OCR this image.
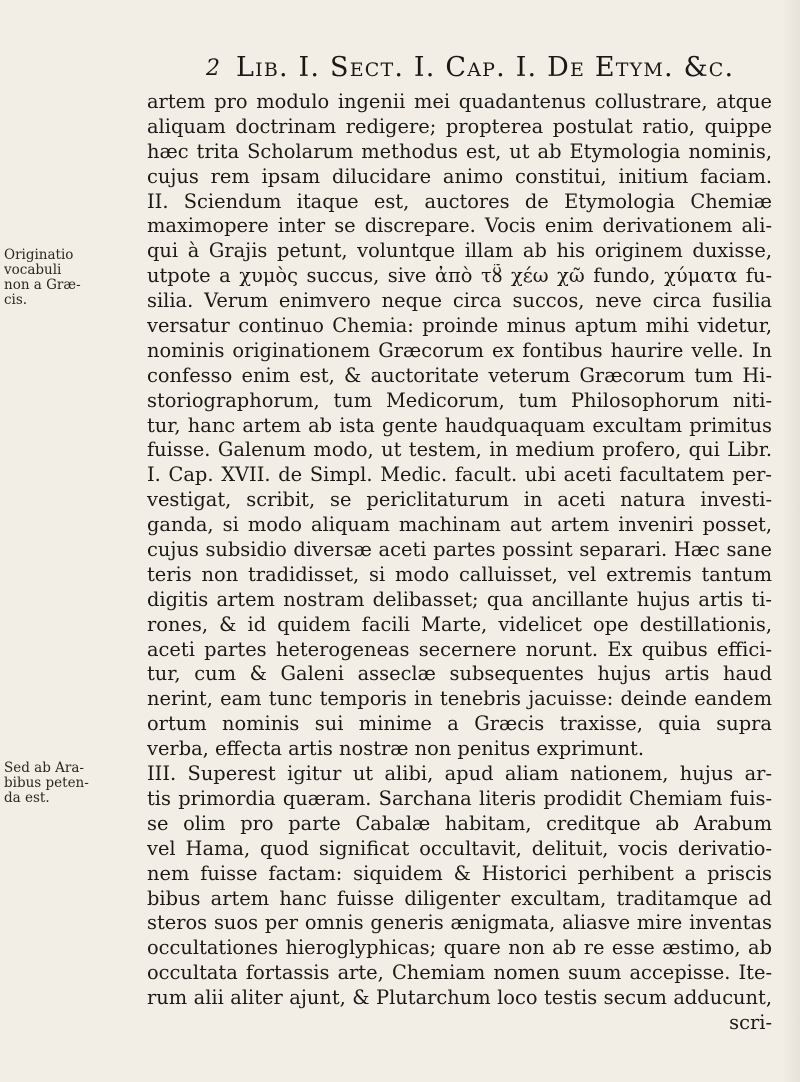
2 Lib. I. Sect. I. Cap. I. De Etym. &c.
Originatio
vocabuli
non a Græ-
cis.
Sed ab Ara-
bibus peten-
da est.
artem pro modulo ingenii mei quadantenus collustrare, atque
aliquam doctrinam redigere; propterea postulat ratio, quippe
hæc trita Scholarum methodus est, ut ab Etymologia nominis,
cujus rem ipsam dilucidare animo constitui, initium faciam.
II. Sciendum itaque est, auctores de Etymologia Chemiæ
maximopere inter se discrepare. Vocis enim derivationem ali-
qui à Grajis petunt, voluntque illam ab his originem duxisse,
utpote a χυμὸς succus, sive ἀπὸ τȣ̃ χέω χῶ fundo, χύματα fu-
silia. Verum enimvero neque circa succos, neve circa fusilia
versatur continuo Chemia: proinde minus aptum mihi videtur,
nominis originationem Græcorum ex fontibus haurire velle. In
confesso enim est, & auctoritate veterum Græcorum tum Hi-
storiographorum, tum Medicorum, tum Philosophorum niti-
tur, hanc artem ab ista gente haudquaquam excultam primitus
fuisse. Galenum modo, ut testem, in medium profero, qui Libr.
I. Cap. XVII. de Simpl. Medic. facult. ubi aceti facultatem per-
vestigat, scribit, se periclitaturum in aceti natura investi-
ganda, si modo aliquam machinam aut artem inveniri posset,
cujus subsidio diversæ aceti partes possint separari. Hæc sane
teris non tradidisset, si modo calluisset, vel extremis tantum
digitis artem nostram delibasset; qua ancillante hujus artis ti-
rones, & id quidem facili Marte, videlicet ope destillationis,
aceti partes heterogeneas secernere norunt. Ex quibus effici-
tur, cum & Galeni asseclæ subsequentes hujus artis haud
nerint, eam tunc temporis in tenebris jacuisse: deinde eandem
ortum nominis sui minime a Græcis traxisse, quia supra
verba, effecta artis nostræ non penitus exprimunt.
III. Superest igitur ut alibi, apud aliam nationem, hujus ar-
tis primordia quæram. Sarchana literis prodidit Chemiam fuis-
se olim pro parte Cabalæ habitam, creditque ab Arabum
vel Hama, quod significat occultavit, delituit, vocis derivatio-
nem fuisse factam: siquidem & Historici perhibent a priscis
bibus artem hanc fuisse diligenter excultam, traditamque ad
steros suos per omnis generis ænigmata, aliasve mire inventas
occultationes hieroglyphicas; quare non ab re esse æstimo, ab
occultata fortassis arte, Chemiam nomen suum accepisse. Ite-
rum alii aliter ajunt, & Plutarchum loco testis secum adducunt,
scri-
